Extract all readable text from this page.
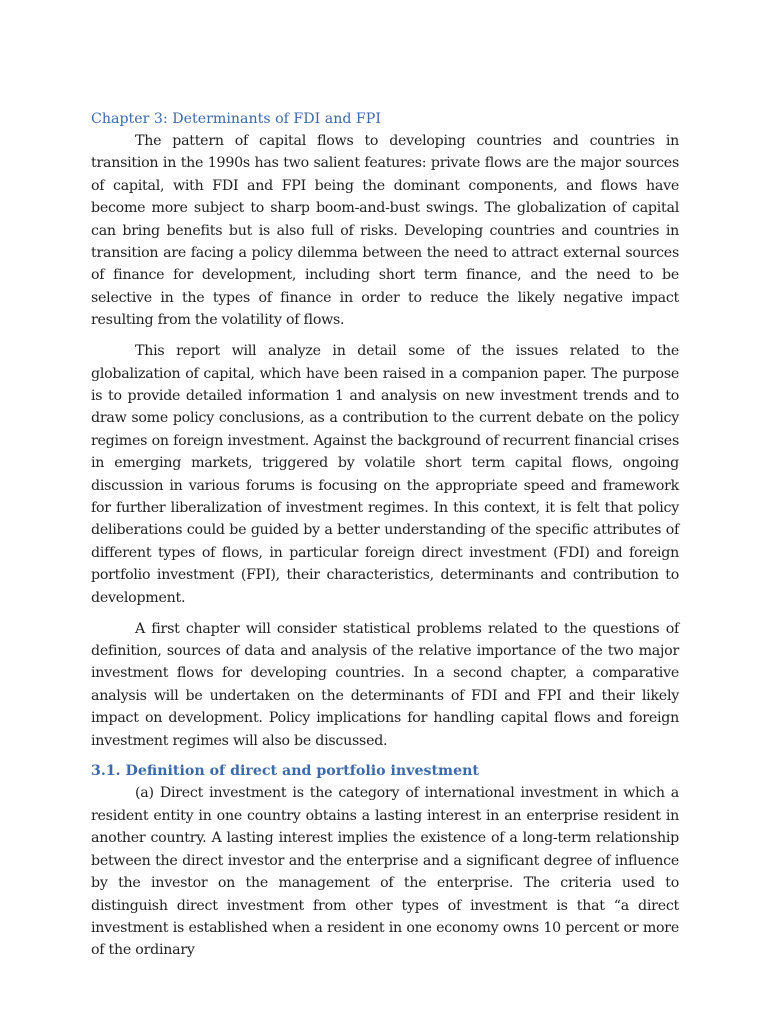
Chapter 3: Determinants of FDI and FPI

The pattern of capital flows to developing countries and countries in transition in the 1990s has two salient features: private flows are the major sources of capital, with FDI and FPI being the dominant components, and flows have become more subject to sharp boom-and-bust swings. The globalization of capital can bring benefits but is also full of risks. Developing countries and countries in transition are facing a policy dilemma between the need to attract external sources of finance for development, including short term finance, and the need to be selective in the types of finance in order to reduce the likely negative impact resulting from the volatility of flows.

This report will analyze in detail some of the issues related to the globalization of capital, which have been raised in a companion paper. The purpose is to provide detailed information 1 and analysis on new investment trends and to draw some policy conclusions, as a contribution to the current debate on the policy regimes on foreign investment. Against the background of recurrent financial crises in emerging markets, triggered by volatile short term capital flows, ongoing discussion in various forums is focusing on the appropriate speed and framework for further liberalization of investment regimes. In this context, it is felt that policy deliberations could be guided by a better understanding of the specific attributes of different types of flows, in particular foreign direct investment (FDI) and foreign portfolio investment (FPI), their characteristics, determinants and contribution to development.

A first chapter will consider statistical problems related to the questions of definition, sources of data and analysis of the relative importance of the two major investment flows for developing countries. In a second chapter, a comparative analysis will be undertaken on the determinants of FDI and FPI and their likely impact on development. Policy implications for handling capital flows and foreign investment regimes will also be discussed.

3.1. Definition of direct and portfolio investment

(a) Direct investment is the category of international investment in which a resident entity in one country obtains a lasting interest in an enterprise resident in another country. A lasting interest implies the existence of a long-term relationship between the direct investor and the enterprise and a significant degree of influence by the investor on the management of the enterprise. The criteria used to distinguish direct investment from other types of investment is that “a direct investment is established when a resident in one economy owns 10 percent or more of the ordinary
